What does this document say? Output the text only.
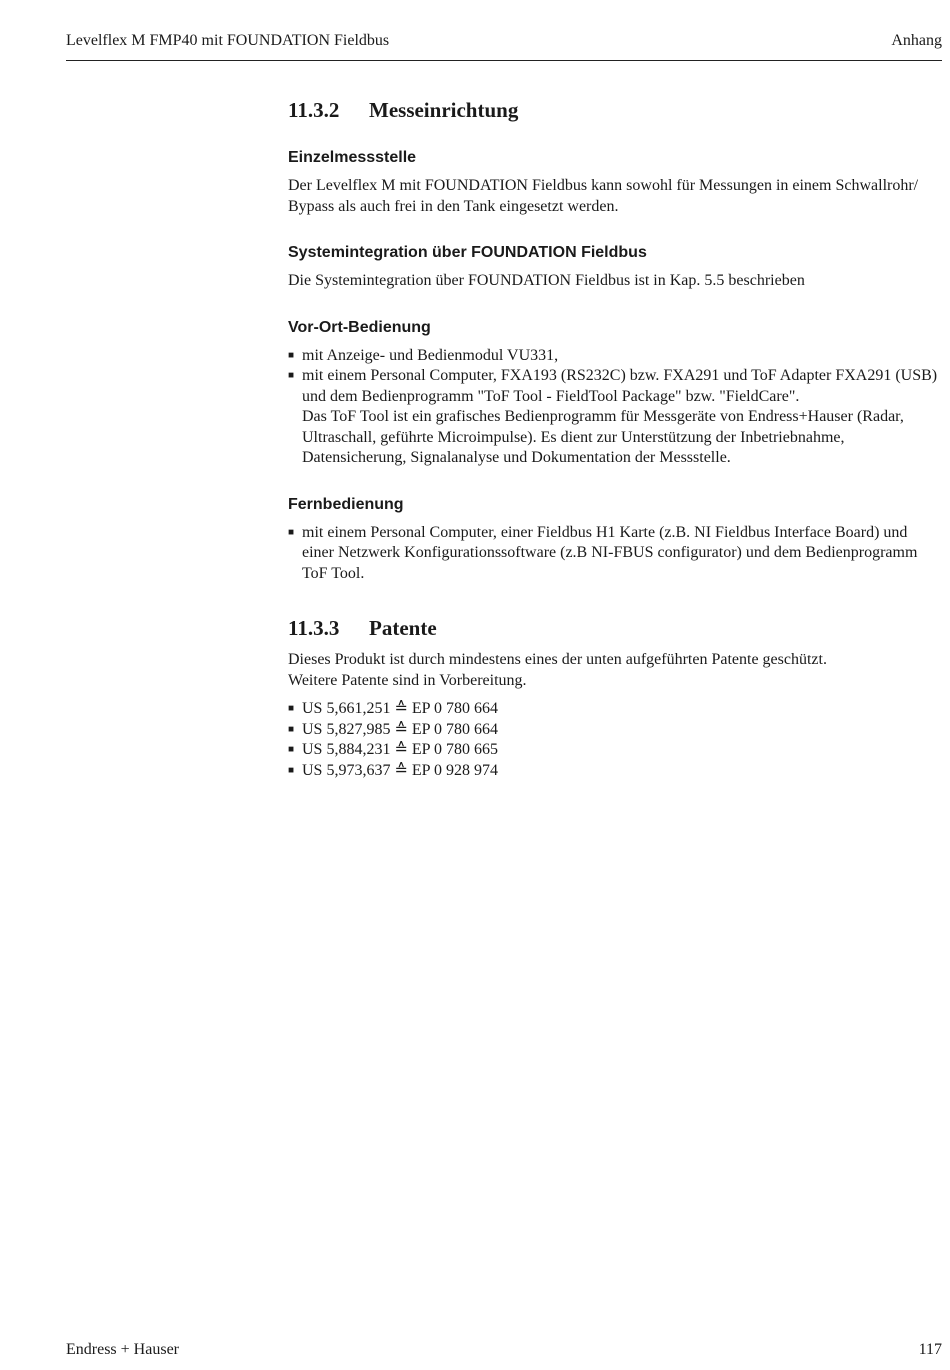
Levelflex M FMP40 mit FOUNDATION Fieldbus	Anhang
11.3.2 Messeinrichtung
Einzelmessstelle

Der Levelflex M mit FOUNDATION Fieldbus kann sowohl für Messungen in einem Schwallrohr/ Bypass als auch frei in den Tank eingesetzt werden.

Systemintegration über FOUNDATION Fieldbus

Die Systemintegration über FOUNDATION Fieldbus ist in Kap. 5.5 beschrieben

Vor-Ort-Bedienung
■ mit Anzeige- und Bedienmodul VU331,
■ mit einem Personal Computer, FXA193 (RS232C) bzw. FXA291 und ToF Adapter FXA291 (USB) und dem Bedienprogramm "ToF Tool - FieldTool Package" bzw. "FieldCare".
Das ToF Tool ist ein grafisches Bedienprogramm für Messgeräte von Endress+Hauser (Radar, Ultraschall, geführte Microimpulse). Es dient zur Unterstützung der Inbetriebnahme, Datensicherung, Signalanalyse und Dokumentation der Messstelle.
Fernbedienung
■ mit einem Personal Computer, einer Fieldbus H1 Karte (z.B. NI Fieldbus Interface Board) und einer Netzwerk Konfigurationssoftware (z.B NI-FBUS configurator) und dem Bedienprogramm ToF Tool.
11.3.3 Patente

Dieses Produkt ist durch mindestens eines der unten aufgeführten Patente geschützt.

Weitere Patente sind in Vorbereitung.

■ US 5,661,251 ≙ EP 0 780 664
■ US 5,827,985 ≙ EP 0 780 664
■ US 5,884,231 ≙ EP 0 780 665
■ US 5,973,637 ≙ EP 0 928 974
Endress + Hauser	117
